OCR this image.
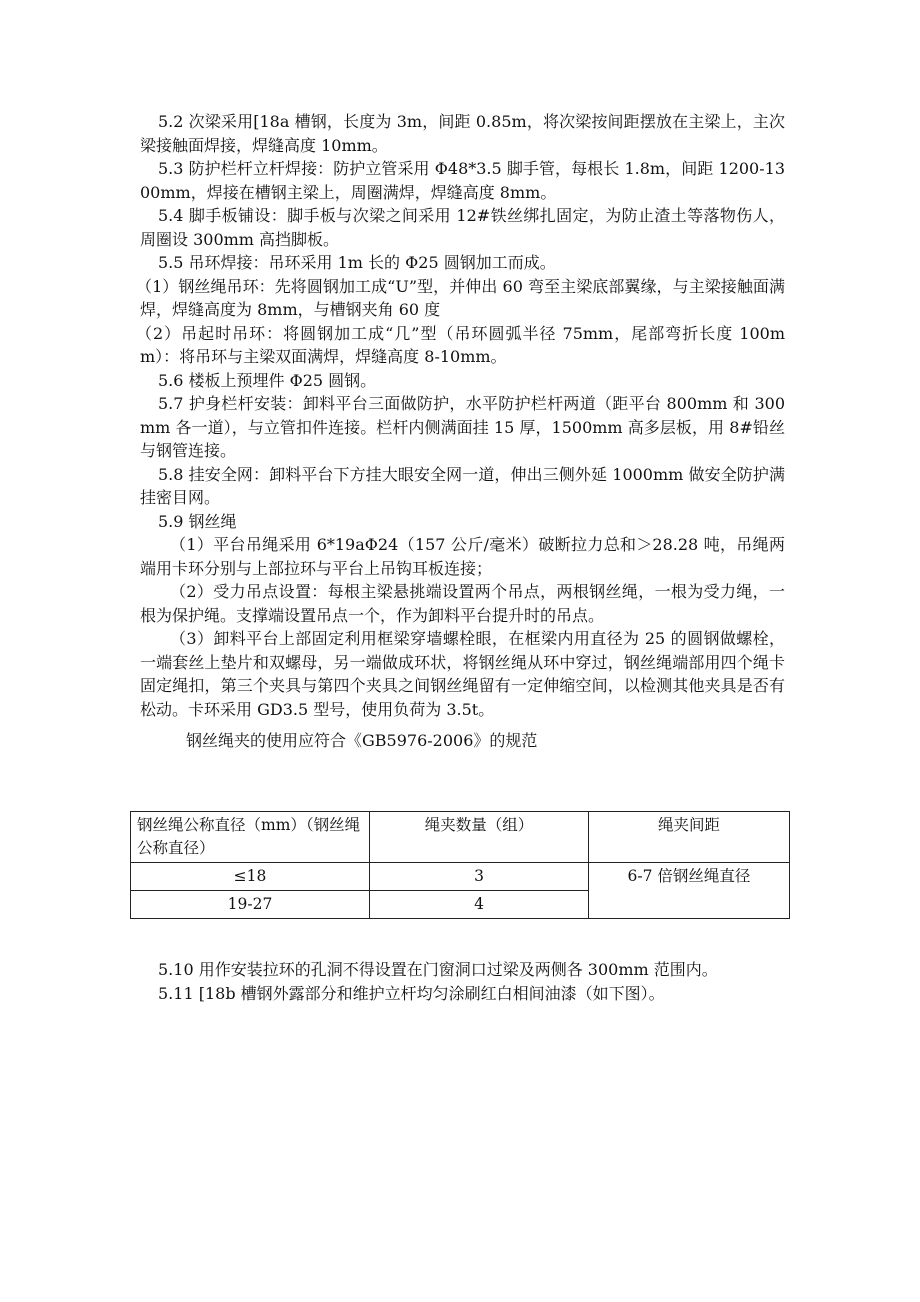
5.2 次梁采用[18a 槽钢，长度为 3m，间距 0.85m，将次梁按间距摆放在主梁上，主次梁接触面焊接，焊缝高度 10mm。

5.3 防护栏杆立杆焊接：防护立管采用 Φ48*3.5 脚手管，每根长 1.8m，间距 1200-1300mm，焊接在槽钢主梁上，周圈满焊，焊缝高度 8mm。

5.4 脚手板铺设：脚手板与次梁之间采用 12#铁丝绑扎固定，为防止渣土等落物伤人，周圈设 300mm 高挡脚板。

5.5 吊环焊接：吊环采用 1m 长的 Φ25 圆钢加工而成。

（1）钢丝绳吊环：先将圆钢加工成“U”型，并伸出 60 弯至主梁底部翼缘，与主梁接触面满焊，焊缝高度为 8mm，与槽钢夹角 60 度

（2）吊起时吊环：将圆钢加工成“几”型（吊环圆弧半径 75mm，尾部弯折长度 100mm）：将吊环与主梁双面满焊，焊缝高度 8-10mm。

5.6 楼板上预埋件 Φ25 圆钢。

5.7 护身栏杆安装：卸料平台三面做防护，水平防护栏杆两道（距平台 800mm 和 300mm 各一道），与立管扣件连接。栏杆内侧满面挂 15 厚，1500mm 高多层板，用 8#铅丝与钢管连接。

5.8 挂安全网：卸料平台下方挂大眼安全网一道，伸出三侧外延 1000mm 做安全防护满挂密目网。

5.9 钢丝绳

（1）平台吊绳采用 6*19aΦ24（157 公斤/毫米）破断拉力总和＞28.28 吨，吊绳两端用卡环分别与上部拉环与平台上吊钩耳板连接；

（2）受力吊点设置：每根主梁悬挑端设置两个吊点，两根钢丝绳，一根为受力绳，一根为保护绳。支撑端设置吊点一个，作为卸料平台提升时的吊点。

（3）卸料平台上部固定利用框梁穿墙螺栓眼，在框梁内用直径为 25 的圆钢做螺栓，一端套丝上垫片和双螺母，另一端做成环状，将钢丝绳从环中穿过，钢丝绳端部用四个绳卡固定绳扣，第三个夹具与第四个夹具之间钢丝绳留有一定伸缩空间，以检测其他夹具是否有松动。卡环采用 GD3.5 型号，使用负荷为 3.5t。

钢丝绳夹的使用应符合《GB5976-2006》的规范

钢丝绳公称直径（mm）（钢丝绳公称直径）	绳夹数量（组）	绳夹间距
≤18	3	6-7 倍钢丝绳直径
19-27	4	

5.10 用作安装拉环的孔洞不得设置在门窗洞口过梁及两侧各 300mm 范围内。

5.11 [18b 槽钢外露部分和维护立杆均匀涂刷红白相间油漆（如下图）。
